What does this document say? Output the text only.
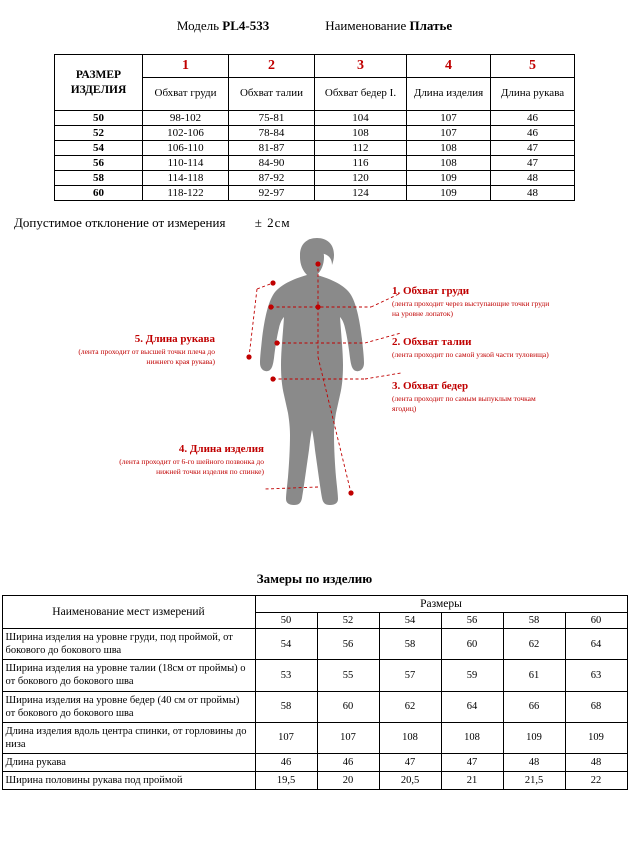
Модель PL4-533	Наименование Платье
РАЗМЕР ИЗДЕЛИЯ	1	2	3	4	5
	Обхват груди	Обхват талии	Обхват бедер I.	Длина изделия	Длина рукава
50	98-102	75-81	104	107	46
52	102-106	78-84	108	107	46
54	106-110	81-87	112	108	47
56	110-114	84-90	116	108	47
58	114-118	87-92	120	109	48
60	118-122	92-97	124	109	48
Допустимое отклонение от измерения ± 2см
1. Обхват груди
(лента проходит через выступающие точки груди на уровне лопаток)
2. Обхват талии
(лента проходит по самой узкой части туловища)
3. Обхват бедер
(лента проходит по самым выпуклым точкам ягодиц)
4. Длина изделия
(лента проходит от 6-го шейного позвонка до нижней точки изделия по спинке)
5. Длина рукава
(лента проходит от высшей точки плеча до нижнего края рукава)
Замеры по изделию
Наименование мест измерений	Размеры					
	50	52	54	56	58	60
Ширина изделия на уровне груди, под проймой, от бокового до бокового шва	54	56	58	60	62	64
Ширина изделия на уровне талии (18см от проймы) о от бокового до бокового шва	53	55	57	59	61	63
Ширина изделия на уровне бедер (40 см от проймы) от бокового до бокового шва	58	60	62	64	66	68
Длина изделия вдоль центра спинки, от горловины до низа	107	107	108	108	109	109
Длина рукава	46	46	47	47	48	48
Ширина половины рукава под проймой	19,5	20	20,5	21	21,5	22
